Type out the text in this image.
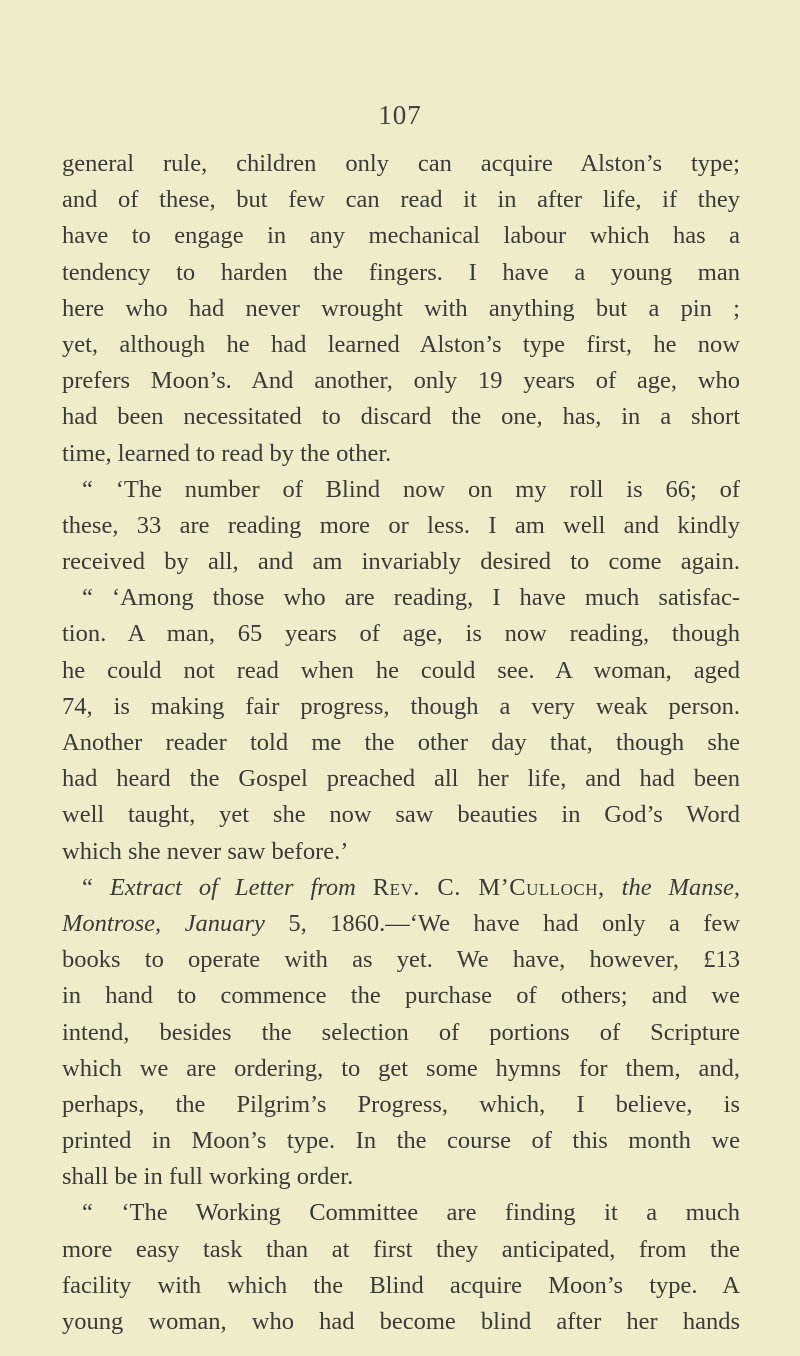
107
general rule, children only can acquire Alston’s type;
and of these, but few can read it in after life, if they
have to engage in any mechanical labour which has a
tendency to harden the fingers. I have a young man
here who had never wrought with anything but a pin ;
yet, although he had learned Alston’s type first, he now
prefers Moon’s. And another, only 19 years of age, who
had been necessitated to discard the one, has, in a short
time, learned to read by the other.
“ ‘The number of Blind now on my roll is 66; of
these, 33 are reading more or less. I am well and kindly
received by all, and am invariably desired to come again.
“ ‘Among those who are reading, I have much satisfac-
tion. A man, 65 years of age, is now reading, though
he could not read when he could see. A woman, aged
74, is making fair progress, though a very weak person.
Another reader told me the other day that, though she
had heard the Gospel preached all her life, and had been
well taught, yet she now saw beauties in God’s Word
which she never saw before.’
“ Extract of Letter from Rev. C. M’Culloch, the Manse,
Montrose, January 5, 1860.—‘We have had only a few
books to operate with as yet. We have, however, £13
in hand to commence the purchase of others; and we
intend, besides the selection of portions of Scripture
which we are ordering, to get some hymns for them, and,
perhaps, the Pilgrim’s Progress, which, I believe, is
printed in Moon’s type. In the course of this month we
shall be in full working order.
“ ‘The Working Committee are finding it a much
more easy task than at first they anticipated, from the
facility with which the Blind acquire Moon’s type. A
young woman, who had become blind after her hands
